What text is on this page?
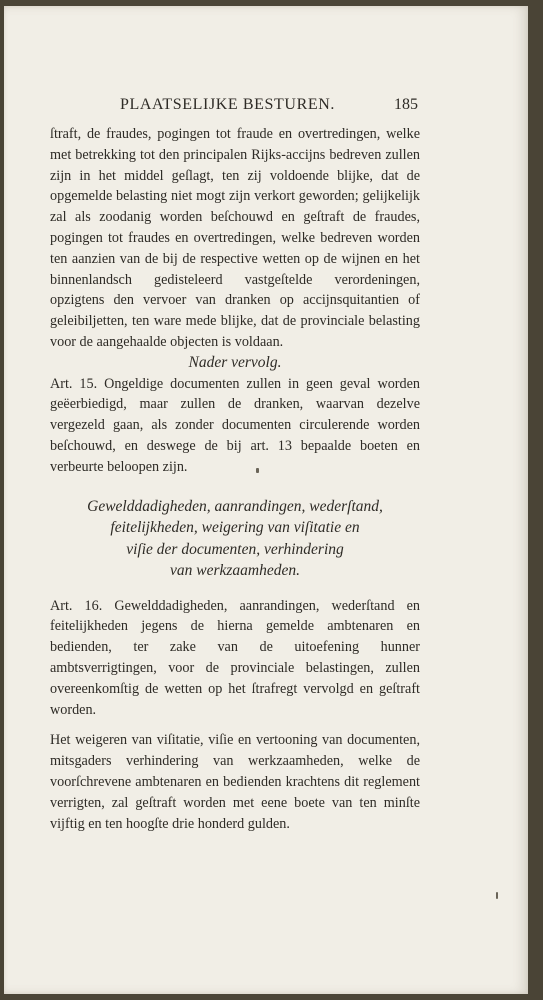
PLAATSELIJKE BESTUREN.	185

ſtraft, de fraudes, pogingen tot fraude en overtredingen, welke met betrekking tot den principalen Rijks-accijns bedreven zullen zijn in het middel geſlagt, ten zij voldoende blijke, dat de opgemelde belasting niet mogt zijn verkort geworden; gelijkelijk zal als zoodanig worden beſchouwd en geſtraft de fraudes, pogingen tot fraudes en overtredingen, welke bedreven worden ten aanzien van de bij de respective wetten op de wijnen en het binnenlandsch gedisteleerd vastgeſtelde verordeningen, opzigtens den vervoer van dranken op accijnsquitantien of geleibiljetten, ten ware mede blijke, dat de provinciale belasting voor de aangehaalde objecten is voldaan.

Nader vervolg.

Art. 15. Ongeldige documenten zullen in geen geval worden geëerbiedigd, maar zullen de dranken, waarvan dezelve vergezeld gaan, als zonder documenten circulerende worden beſchouwd, en deswege de bij art. 13 bepaalde boeten en verbeurte beloopen zijn.

Gewelddadigheden, aanrandingen, wederſtand,
feitelijkheden, weigering van viſitatie en
viſie der documenten, verhindering
van werkzaamheden.

Art. 16. Gewelddadigheden, aanrandingen, wederſtand en feitelijkheden jegens de hierna gemelde ambtenaren en bedienden, ter zake van de uitoefening hunner ambtsverrigtingen, voor de provinciale belastingen, zullen overeenkomſtig de wetten op het ſtrafregt vervolgd en geſtraft worden.

Het weigeren van viſitatie, viſie en vertooning van documenten, mitsgaders verhindering van werkzaamheden, welke de voorſchrevene ambtenaren en bedienden krachtens dit reglement verrigten, zal geſtraft worden met eene boete van ten minſte vijftig en ten hoogſte drie honderd gulden.
